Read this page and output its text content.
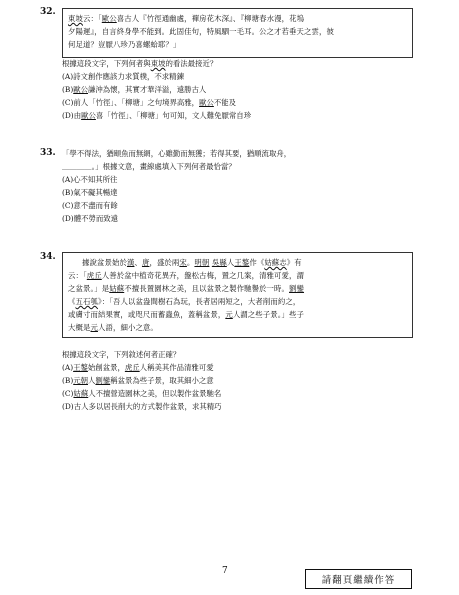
32.
東坡云：「歐公喜古人『竹徑通幽處，禪房花木深』、『柳塘春水漫，花塢
夕陽遲』，自言終身學不能到。此固佳句，特風駟一毛耳。公之才若垂天之雲，彼
何足道？豈厭八珍乃喜螺蛤耶？」
根據這段文字，下列何者與東坡的看法最接近？
(A)詩文創作應該力求質樸，不求精鍊
(B)歐公謙沖為懷，其實才華洋溢，遠勝古人
(C)前人「竹徑」、「柳塘」之句境界高雅，歐公不能及
(D)由歐公喜「竹徑」、「柳塘」句可知，文人難免厭常自珍
33. 「學不得法，猶頤魚而無網，心雖勤而無獲；若得其要，猶順流取舟，
＿＿＿＿。」根據文意，畫線處填入下列何者最恰當？
(A)心不知其所往
(B)氣不礙其暢達
(C)意不盡而有餘
(D)體不勞而致遠
34.
據說盆景始於漢、唐，盛於兩宋。明朝 吳縣人王鏊作《姑蘇志》有
云：「虎丘人善於盆中植奇花異卉，盤松古梅，置之几案，清雅可愛，謂
之盆景。」是姑蘇不擅長置園林之美，且以盆景之製作馳譽於一時。劉鑾
《五石瓠》：「吾人以盆盎間樹石為玩，長者居兩短之，大者削而約之，
或膚寸而結果實，或咫尺而蓄蟲魚，蓋稱盆景，元人謂之些子景。」些子
大概是元人語，細小之意。
根據這段文字，下列敘述何者正確？
(A)王鏊始創盆景，虎丘人稱美其作品清雅可愛
(B)元朝人劉鑾稱盆景為些子景，取其細小之意
(C)姑蘇人不擅營造園林之美，但以製作盆景馳名
(D)古人多以居長削大的方式製作盆景，求其精巧
7
請翻頁繼續作答
